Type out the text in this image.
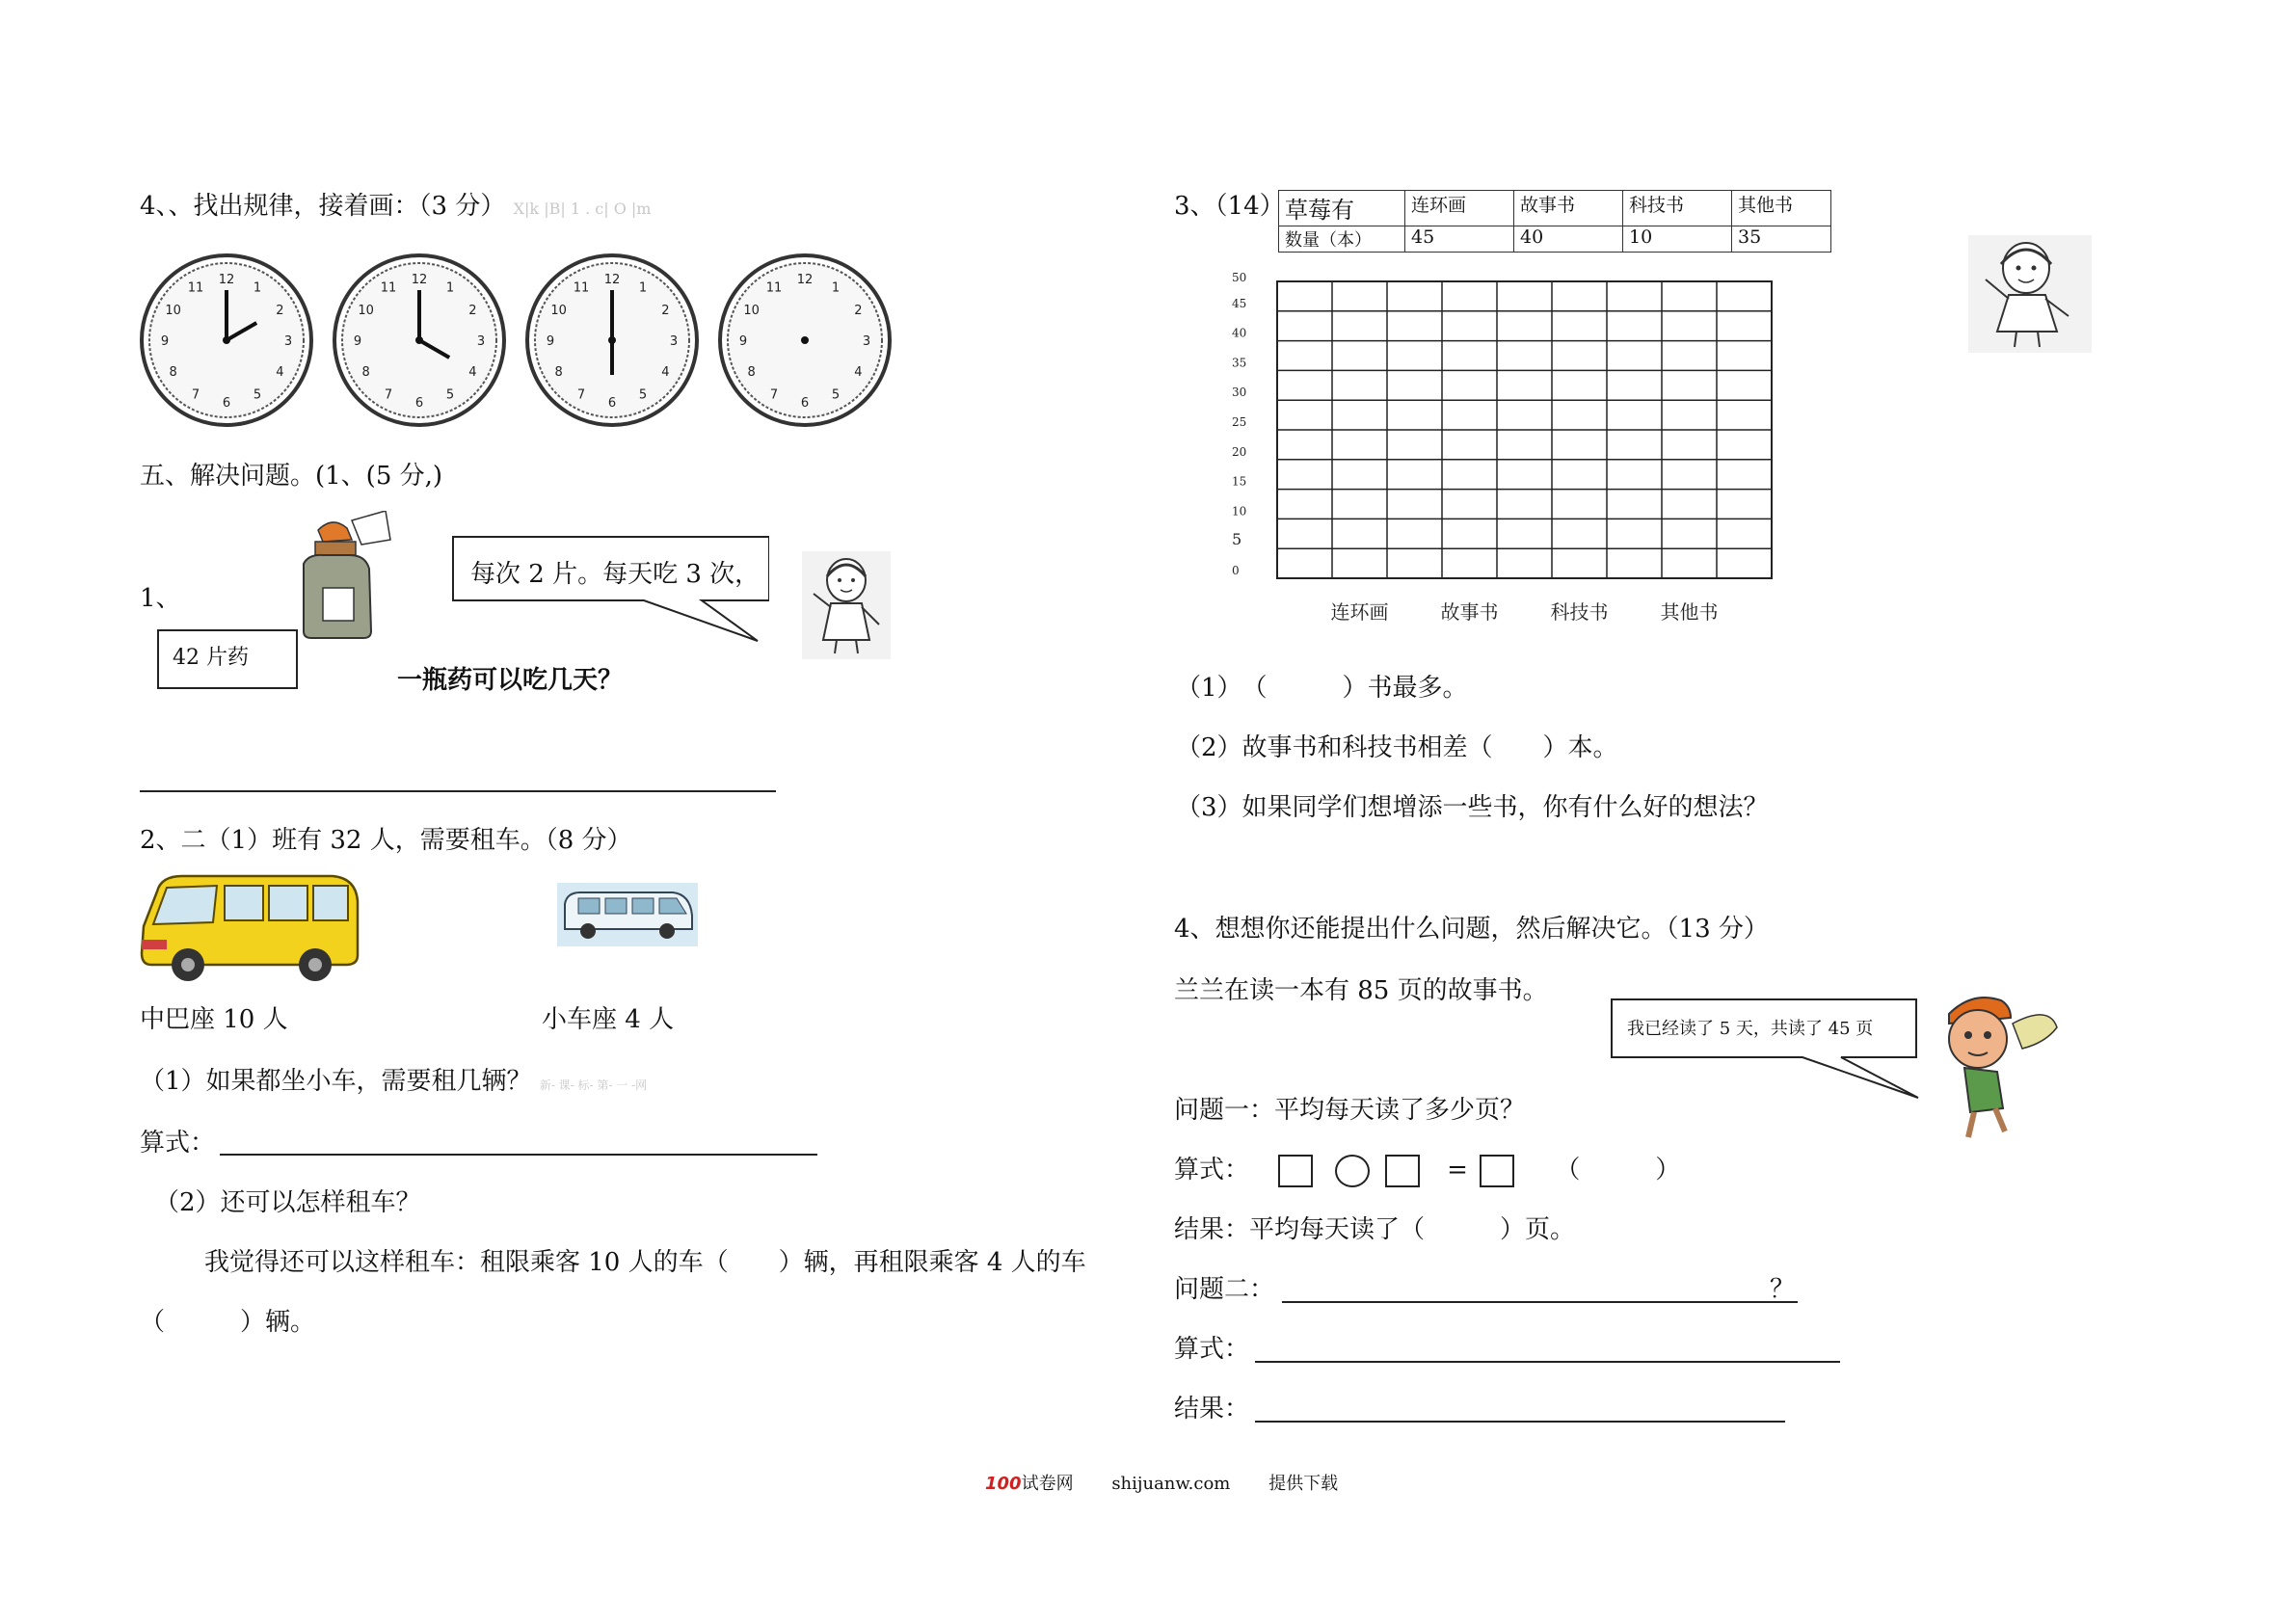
4、、找出规律，接着画：（3 分） X|k |B| 1 . c| O |m
1
2
3
4
5
6
7
8
9
10
11
12
1
2
3
4
5
6
7
8
9
10
11
12
1
2
3
4
5
6
7
8
9
10
11
12
1
2
3
4
5
6
7
8
9
10
11
12
五、解决问题。(1、(5 分,)
1、
42 片药
每次 2 片。每天吃 3 次，
一瓶药可以吃几天？
2、二（1）班有 32 人，需要租车。（8 分）
中巴座 10 人	小车座 4 人
（1）如果都坐小车，需要租几辆？ 新- 课- 标- 第- 一 -网
算式：
（2）还可以怎样租车？
我觉得还可以这样租车：租限乘客 10 人的车（　　）辆，再租限乘客 4 人的车
（　　　）辆。
3、（14） 草莓有	连环画	故事书	科技书	其他书
数量（本）	45	40	10	35
50
45
40
35
30
25
20
15
10
5
0
连环画	故事书	科技书	其他书
（1）　（　　　）书最多。
（2）故事书和科技书相差（　　）本。
（3）如果同学们想增添一些书，你有什么好的想法？
4、想想你还能提出什么问题，然后解决它。（13 分）
兰兰在读一本有 85 页的故事书。
我已经读了 5 天，共读了 45 页
问题一：平均每天读了多少页？
算式：	=	（　　　）
结果：平均每天读了（　　　）页。
问题二：	？
算式：
结果：
100试卷网 shijuanw.com 提供下载
